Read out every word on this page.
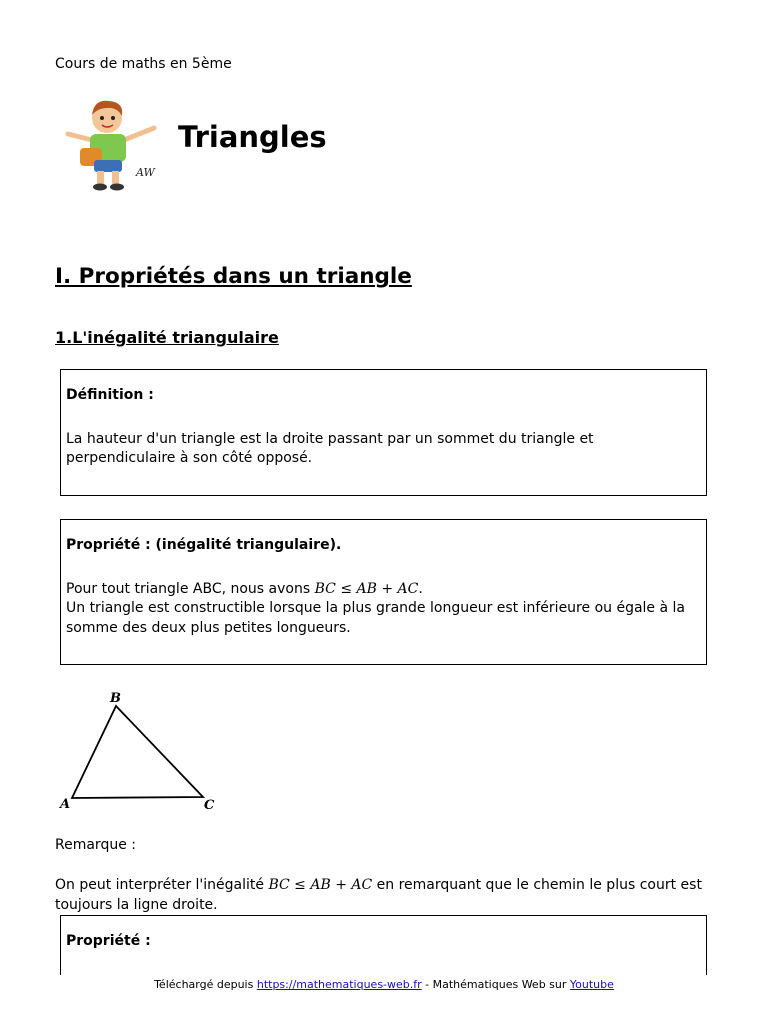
Cours de maths en 5ème
AW
Triangles
I. Propriétés dans un triangle
1.L'inégalité triangulaire

Définition :

La hauteur d'un triangle est la droite passant par un sommet du triangle et perpendiculaire à son côté opposé.

Propriété : (inégalité triangulaire).

Pour tout triangle ABC, nous avons BC ≤ AB + AC.

Un triangle est constructible lorsque la plus grande longueur est inférieure ou égale à la somme des deux plus petites longueurs.

B
A	C
Remarque :

On peut interpréter l'inégalité BC ≤ AB + AC en remarquant que le chemin le plus court est toujours la ligne droite.

Propriété :

Téléchargé depuis https://mathematiques-web.fr - Mathématiques Web sur Youtube
